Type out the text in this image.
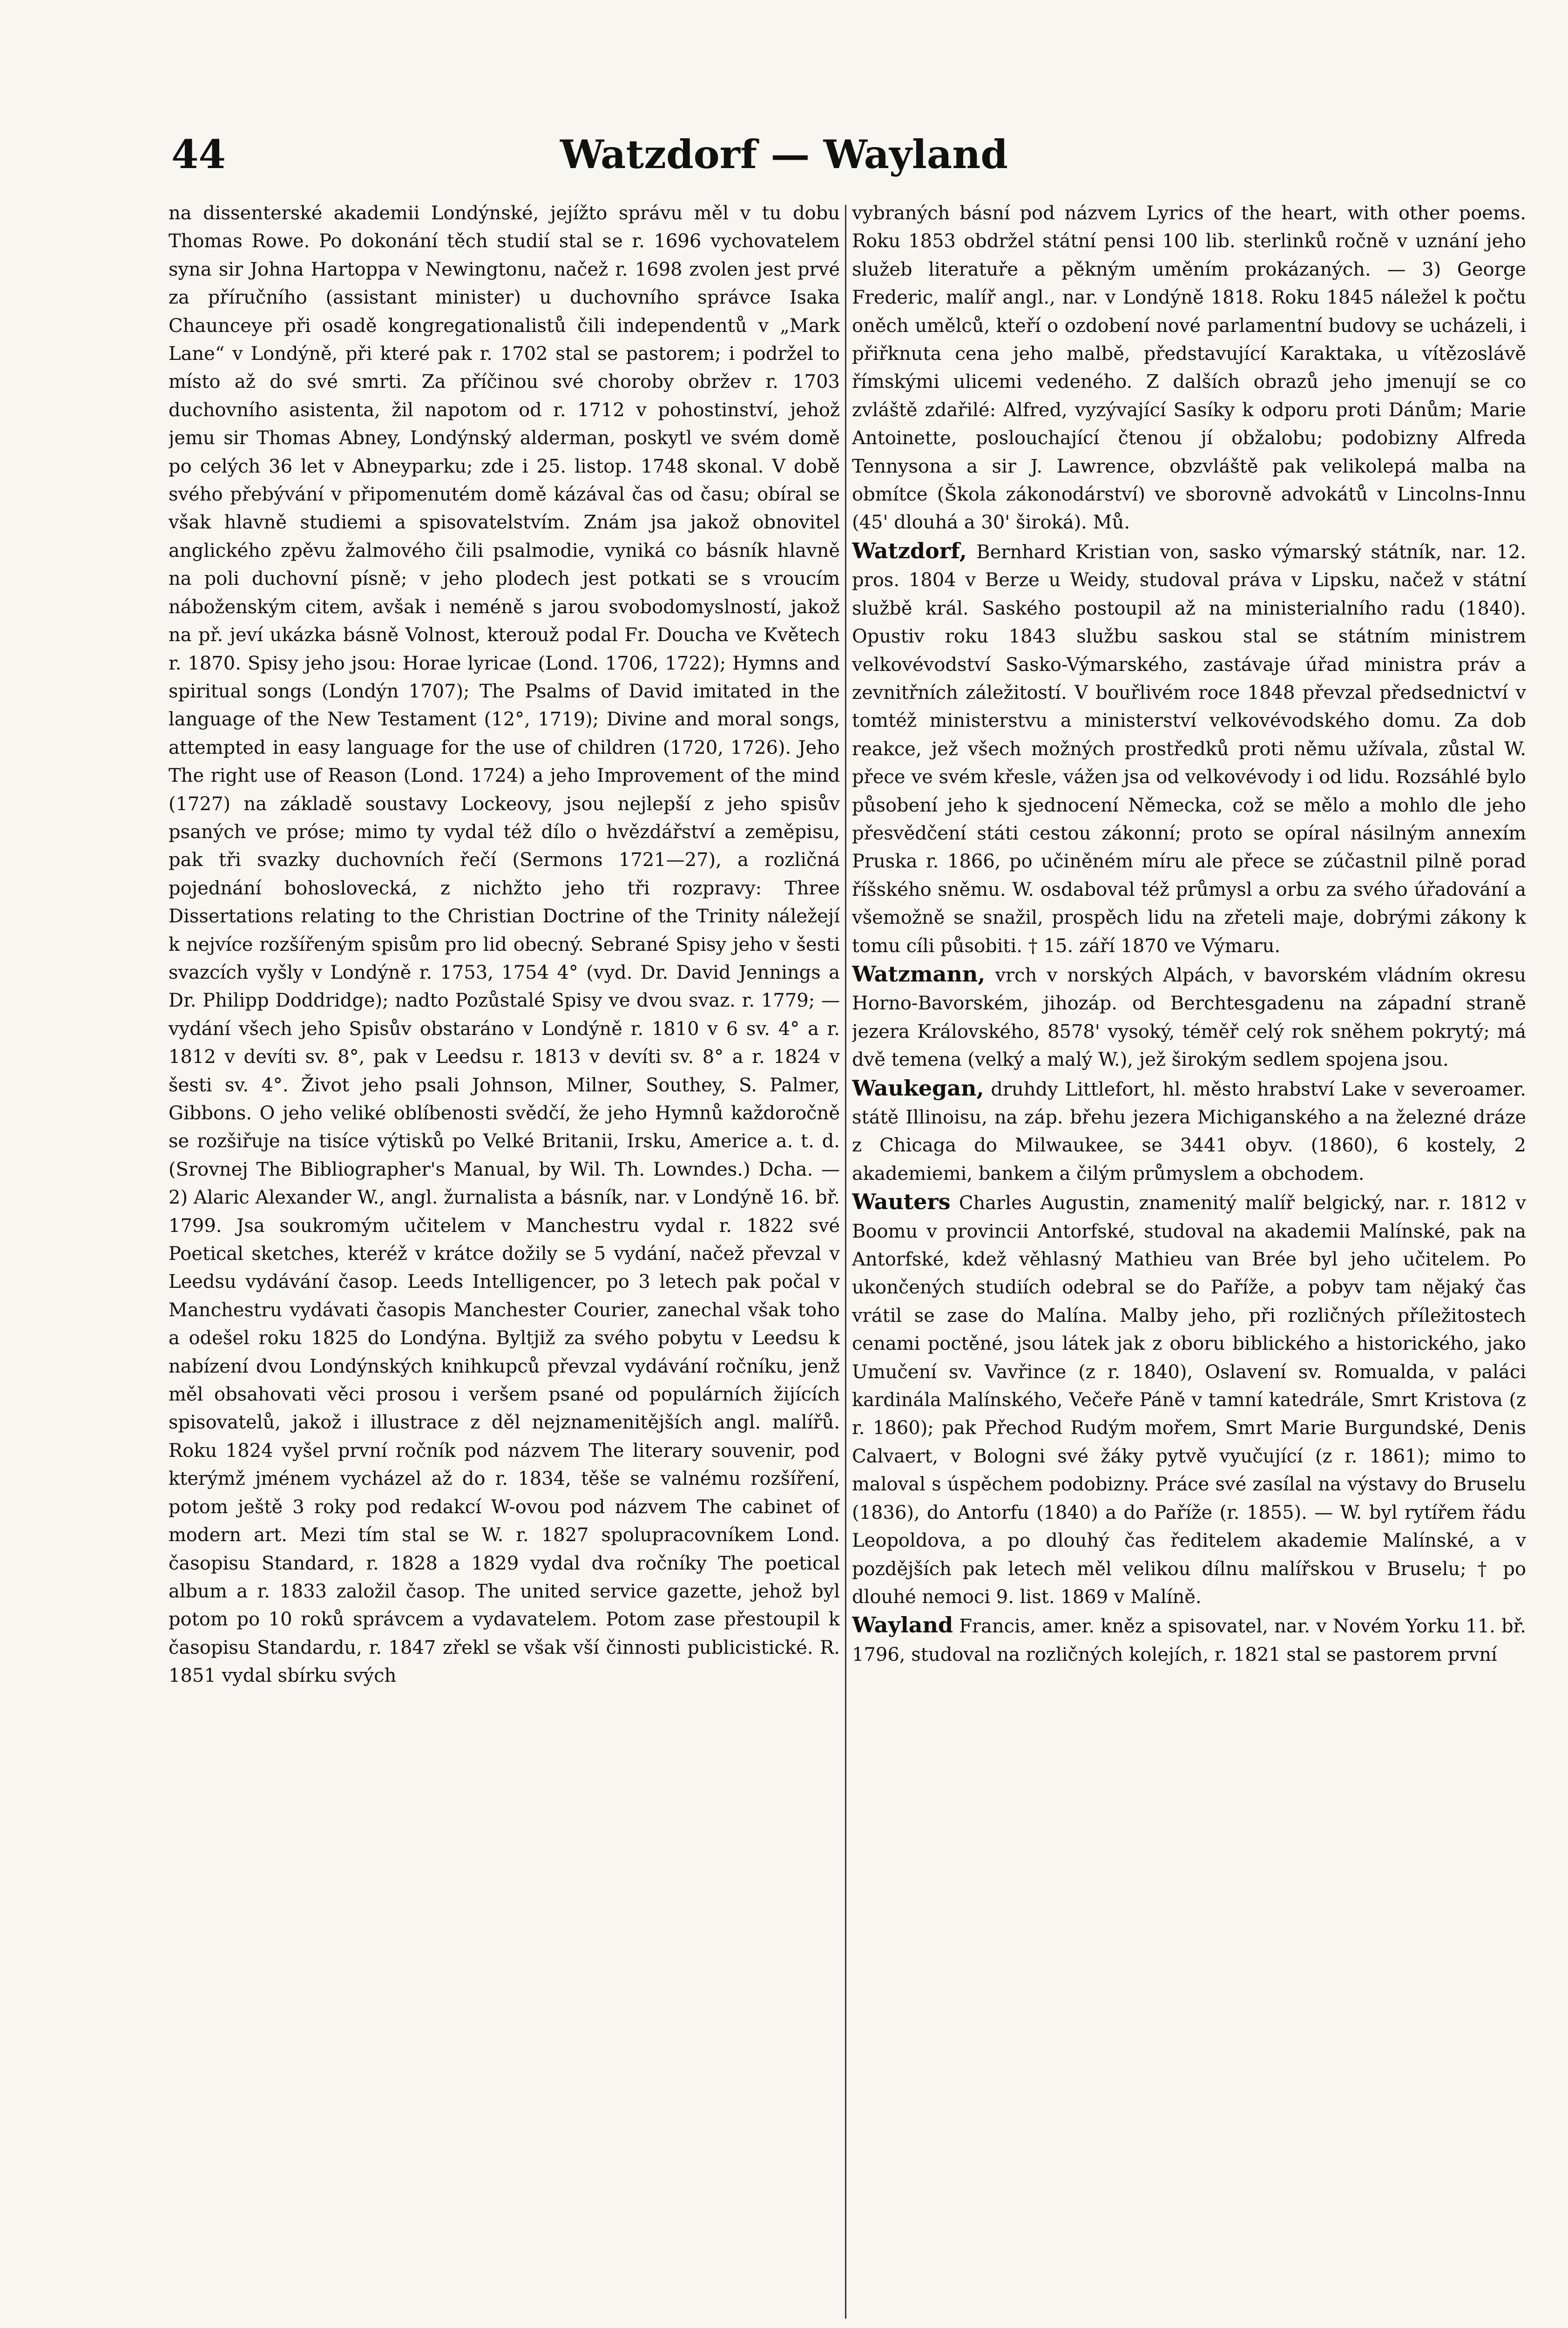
44	Watzdorf — Wayland

na dissenterské akademii Londýnské, jejížto správu měl v tu dobu Thomas Rowe. Po dokonání těch studií stal se r. 1696 vychovatelem syna sir Johna Hartoppa v Newingtonu, načež r. 1698 zvolen jest prvé za příručního (assistant minister) u duchovního správce Isaka Chaunceye při osadě kongregationalistů čili independentů v „Mark Lane“ v Londýně, při které pak r. 1702 stal se pastorem; i podržel to místo až do své smrti. Za příčinou své choroby obržev r. 1703 duchovního asistenta, žil napotom od r. 1712 v pohostinství, jehož jemu sir Thomas Abney, Londýnský alderman, poskytl ve svém domě po celých 36 let v Abneyparku; zde i 25. listop. 1748 skonal. V době svého přebývání v připomenutém domě kázával čas od času; obíral se však hlavně studiemi a spisovatelstvím. Znám jsa jakož obnovitel anglického zpěvu žalmového čili psalmodie, vyniká co básník hlavně na poli duchovní písně; v jeho plodech jest potkati se s vroucím náboženským citem, avšak i neméně s jarou svobodomyslností, jakož na př. jeví ukázka básně Volnost, kterouž podal Fr. Doucha ve Květech r. 1870. Spisy jeho jsou: Horae lyricae (Lond. 1706, 1722); Hymns and spiritual songs (Londýn 1707); The Psalms of David imitated in the language of the New Testament (12°, 1719); Divine and moral songs, attempted in easy language for the use of children (1720, 1726). Jeho The right use of Reason (Lond. 1724) a jeho Improvement of the mind (1727) na základě soustavy Lockeovy, jsou nejlepší z jeho spisův psaných ve próse; mimo ty vydal též dílo o hvězdářství a zeměpisu, pak tři svazky duchovních řečí (Sermons 1721—27), a rozličná pojednání bohoslovecká, z nichžto jeho tři rozpravy: Three Dissertations relating to the Christian Doctrine of the Trinity náležejí k nejvíce rozšířeným spisům pro lid obecný. Sebrané Spisy jeho v šesti svazcích vyšly v Londýně r. 1753, 1754 4° (vyd. Dr. David Jennings a Dr. Philipp Doddridge); nadto Pozůstalé Spisy ve dvou svaz. r. 1779; — vydání všech jeho Spisův obstaráno v Londýně r. 1810 v 6 sv. 4° a r. 1812 v devíti sv. 8°, pak v Leedsu r. 1813 v devíti sv. 8° a r. 1824 v šesti sv. 4°. Život jeho psali Johnson, Milner, Southey, S. Palmer, Gibbons. O jeho veliké oblíbenosti svědčí, že jeho Hymnů každoročně se rozšiřuje na tisíce výtisků po Velké Britanii, Irsku, Americe a. t. d. (Srovnej The Bibliographer's Manual, by Wil. Th. Lowndes.) Dcha. — 2) Alaric Alexander W., angl. žurnalista a básník, nar. v Londýně 16. bř. 1799. Jsa soukromým učitelem v Manchestru vydal r. 1822 své Poetical sketches, kteréž v krátce dožily se 5 vydání, načež převzal v Leedsu vydávání časop. Leeds Intelligencer, po 3 letech pak počal v Manchestru vydávati časopis Manchester Courier, zanechal však toho a odešel roku 1825 do Londýna. Byltjiž za svého pobytu v Leedsu k nabízení dvou Londýnských knihkupců převzal vydávání ročníku, jenž měl obsahovati věci prosou i veršem psané od populárních žijících spisovatelů, jakož i illustrace z děl nejznamenitějších angl. malířů. Roku 1824 vyšel první ročník pod názvem The literary souvenir, pod kterýmž jménem vycházel až do r. 1834, těše se valnému rozšíření, potom ještě 3 roky pod redakcí W-ovou pod názvem The cabinet of modern art. Mezi tím stal se W. r. 1827 spolupracovníkem Lond. časopisu Standard, r. 1828 a 1829 vydal dva ročníky The poetical album a r. 1833 založil časop. The united service gazette, jehož byl potom po 10 roků správcem a vydavatelem. Potom zase přestoupil k časopisu Standardu, r. 1847 zřekl se však vší činnosti publicistické. R. 1851 vydal sbírku svých

vybraných básní pod názvem Lyrics of the heart, with other poems. Roku 1853 obdržel státní pensi 100 lib. sterlinků ročně v uznání jeho služeb literatuře a pěkným uměním prokázaných. — 3) George Frederic, malíř angl., nar. v Londýně 1818. Roku 1845 náležel k počtu oněch umělců, kteří o ozdobení nové parlamentní budovy se ucházeli, i přiřknuta cena jeho malbě, představující Karaktaka, u vítězoslávě římskými ulicemi vedeného. Z dalších obrazů jeho jmenují se co zvláště zdařilé: Alfred, vyzývající Sasíky k odporu proti Dánům; Marie Antoinette, poslouchající čtenou jí obžalobu; podobizny Alfreda Tennysona a sir J. Lawrence, obzvláště pak velikolepá malba na obmítce (Škola zákonodárství) ve sborovně advokátů v Lincolns-Innu (45' dlouhá a 30' široká). Mů.

Watzdorf, Bernhard Kristian von, sasko výmarský státník, nar. 12. pros. 1804 v Berze u Weidy, studoval práva v Lipsku, načež v státní službě král. Saského postoupil až na ministerialního radu (1840). Opustiv roku 1843 službu saskou stal se státním ministrem velkovévodství Sasko-Výmarského, zastávaje úřad ministra práv a zevnitřních záležitostí. V bouřlivém roce 1848 převzal předsednictví v tomtéž ministerstvu a ministerství velkovévodského domu. Za dob reakce, jež všech možných prostředků proti němu užívala, zůstal W. přece ve svém křesle, vážen jsa od velkovévody i od lidu. Rozsáhlé bylo působení jeho k sjednocení Německa, což se mělo a mohlo dle jeho přesvědčení státi cestou zákonní; proto se opíral násilným annexím Pruska r. 1866, po učiněném míru ale přece se zúčastnil pilně porad říšského sněmu. W. osdaboval též průmysl a orbu za svého úřadování a všemožně se snažil, prospěch lidu na zřeteli maje, dobrými zákony k tomu cíli působiti. † 15. září 1870 ve Výmaru.

Watzmann, vrch v norských Alpách, v bavorském vládním okresu Horno-Bavorském, jihozáp. od Berchtesgadenu na západní straně jezera Královského, 8578' vysoký, téměř celý rok sněhem pokrytý; má dvě temena (velký a malý W.), jež širokým sedlem spojena jsou.

Waukegan, druhdy Littlefort, hl. město hrabství Lake v severoamer. státě Illinoisu, na záp. břehu jezera Michiganského a na železné dráze z Chicaga do Milwaukee, se 3441 obyv. (1860), 6 kostely, 2 akademiemi, bankem a čilým průmyslem a obchodem.

Wauters Charles Augustin, znamenitý malíř belgický, nar. r. 1812 v Boomu v provincii Antorfské, studoval na akademii Malínské, pak na Antorfské, kdež věhlasný Mathieu van Brée byl jeho učitelem. Po ukončených studiích odebral se do Paříže, a pobyv tam nějaký čas vrátil se zase do Malína. Malby jeho, při rozličných příležitostech cenami poctěné, jsou látek jak z oboru biblického a historického, jako Umučení sv. Vavřince (z r. 1840), Oslavení sv. Romualda, v paláci kardinála Malínského, Večeře Páně v tamní katedrále, Smrt Kristova (z r. 1860); pak Přechod Rudým mořem, Smrt Marie Burgundské, Denis Calvaert, v Bologni své žáky pytvě vyučující (z r. 1861); mimo to maloval s úspěchem podobizny. Práce své zasílal na výstavy do Bruselu (1836), do Antorfu (1840) a do Paříže (r. 1855). — W. byl rytířem řádu Leopoldova, a po dlouhý čas ředitelem akademie Malínské, a v pozdějších pak letech měl velikou dílnu malířskou v Bruselu; † po dlouhé nemoci 9. list. 1869 v Malíně.

Wayland Francis, amer. kněz a spisovatel, nar. v Novém Yorku 11. bř. 1796, studoval na rozličných kolejích, r. 1821 stal se pastorem první
